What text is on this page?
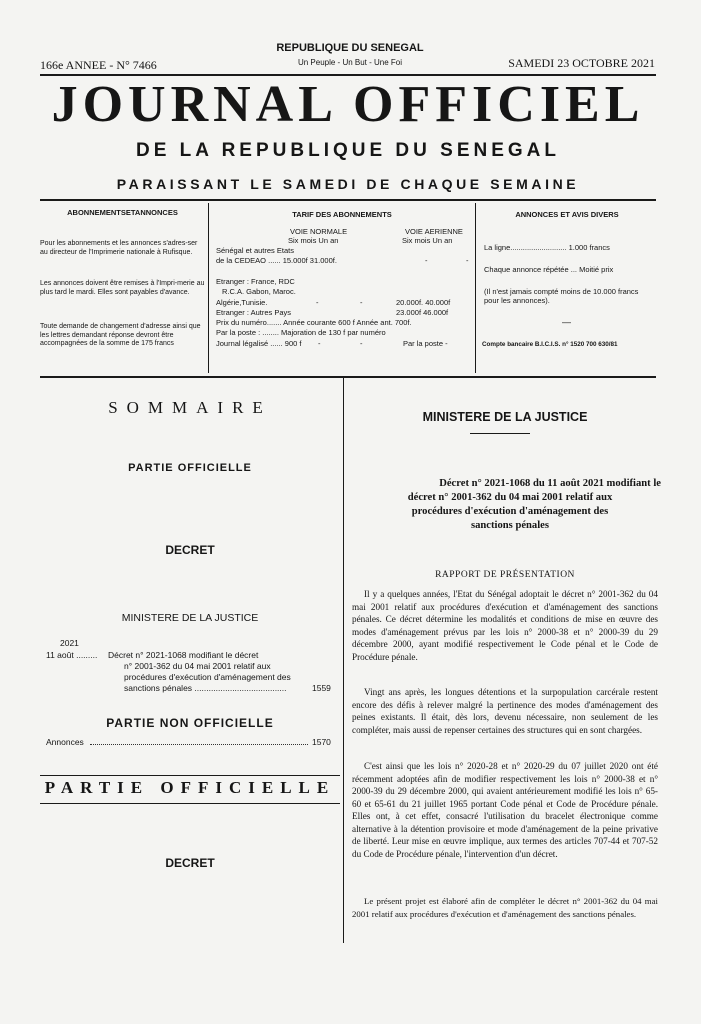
166e ANNEE - N° 7466
REPUBLIQUE DU SENEGAL
Un Peuple - Un But - Une Foi	SAMEDI 23 OCTOBRE 2021
JOURNAL OFFICIEL
DE LA REPUBLIQUE DU SENEGAL
PARAISSANT LE SAMEDI DE CHAQUE SEMAINE
ABONNEMENTSETANNONCES
Pour les abonnements et les annonces s'adres-ser au directeur de l'Imprimerie nationale à Rufisque.
Les annonces doivent être remises à l'Impri-merie au plus tard le mardi. Elles sont payables d'avance.
Toute demande de changement d'adresse ainsi que les lettres demandant réponse devront être accompagnées de la somme de 175 francs
TARIF DES ABONNEMENTS
VOIE NORMALE	VOIE AERIENNE
Six mois Un an	Six mois Un an
Sénégal et autres Etats
de la CEDEAO ...... 15.000f 31.000f.	-	-
Etranger : France, RDC
R.C.A. Gabon, Maroc.
Algérie,Tunisie.	-	-	20.000f. 40.000f
Etranger : Autres Pays	23.000f 46.000f
Prix du numéro....... Année courante 600 f Année ant. 700f.
Par la poste : ........ Majoration de 130 f par numéro
Journal légalisé ...... 900 f	Par la poste -
-	-
ANNONCES ET AVIS DIVERS
La ligne........................... 1.000 francs
Chaque annonce répétée ... Moitié prix
(Il n'est jamais compté moins de 10.000 francs pour les annonces).
—
Compte bancaire B.I.C.I.S. n° 1520 700 630/81
SOMMAIRE
PARTIE OFFICIELLE
DECRET
MINISTERE DE LA JUSTICE
2021
11 août ......... Décret n° 2021-1068 modifiant le décret
n° 2001-362 du 04 mai 2001 relatif aux
procédures d'exécution d'aménagement des
sanctions pénales .......................................	1559
PARTIE NON OFFICIELLE
Annonces	1570
PARTIE OFFICIELLE
DECRET
MINISTERE DE LA JUSTICE
Décret n° 2021-1068 du 11 août 2021 modifiant le
décret n° 2001-362 du 04 mai 2001 relatif aux
procédures d'exécution d'aménagement des
sanctions pénales
RAPPORT DE PRÉSENTATION
Il y a quelques années, l'Etat du Sénégal adoptait le décret n° 2001-362 du 04 mai 2001 relatif aux procédures d'exécution et d'aménagement des sanctions pénales. Ce décret détermine les modalités et conditions de mise en œuvre des modes d'aménagement prévus par les lois n° 2000-38 et n° 2000-39 du 29 décembre 2000, ayant modifié respectivement le Code pénal et le Code de Procédure pénale.
Vingt ans après, les longues détentions et la surpopulation carcérale restent encore des défis à relever malgré la pertinence des modes d'aménagement des peines existants. Il était, dès lors, devenu nécessaire, non seulement de les compléter, mais aussi de repenser certaines des structures qui en sont chargées.
C'est ainsi que les lois n° 2020-28 et n° 2020-29 du 07 juillet 2020 ont été récemment adoptées afin de modifier respectivement les lois n° 2000-38 et n° 2000-39 du 29 décembre 2000, qui avaient antérieurement modifié les lois n° 65-60 et 65-61 du 21 juillet 1965 portant Code pénal et Code de Procédure pénale. Elles ont, à cet effet, consacré l'utilisation du bracelet électronique comme alternative à la détention provisoire et mode d'aménagement de la peine privative de liberté. Leur mise en œuvre implique, aux termes des articles 707-44 et 707-52 du Code de Procédure pénale, l'intervention d'un décret.
Le présent projet est élaboré afin de compléter le décret n° 2001-362 du 04 mai 2001 relatif aux procédures d'exécution et d'aménagement des sanctions pénales.
